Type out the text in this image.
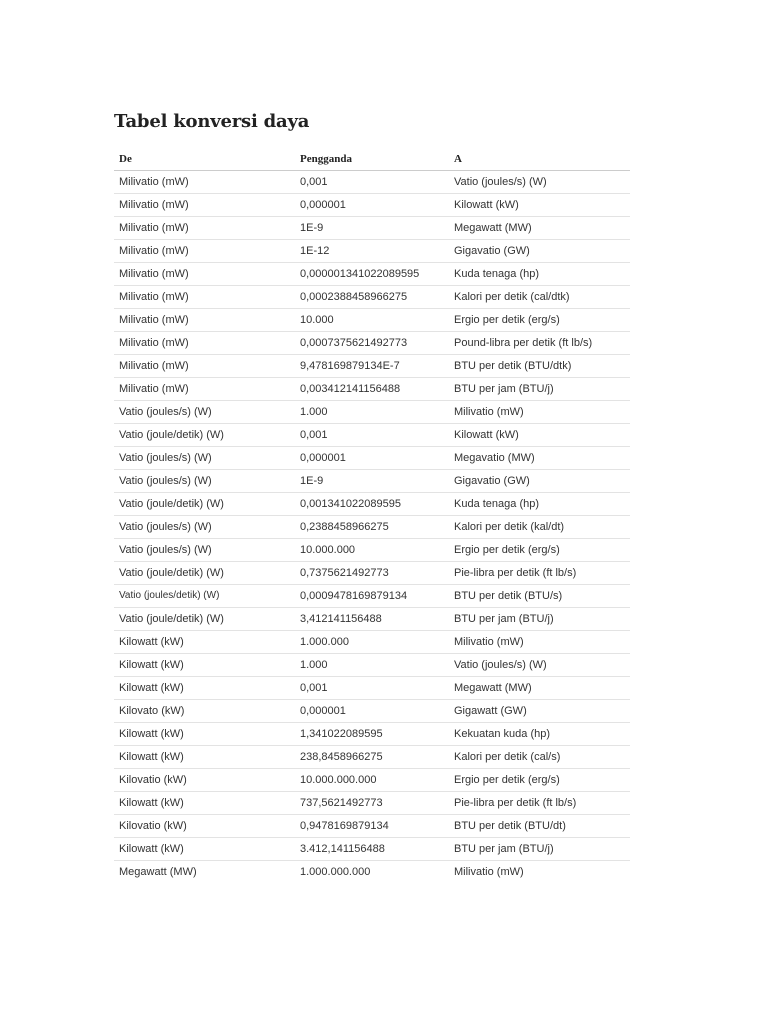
Tabel konversi daya
De	Pengganda	A
Milivatio (mW)	0,001	Vatio (joules/s) (W)
Milivatio (mW)	0,000001	Kilowatt (kW)
Milivatio (mW)	1E-9	Megawatt (MW)
Milivatio (mW)	1E-12	Gigavatio (GW)
Milivatio (mW)	0,000001341022089595	Kuda tenaga (hp)
Milivatio (mW)	0,0002388458966275	Kalori per detik (cal/dtk)
Milivatio (mW)	10.000	Ergio per detik (erg/s)
Milivatio (mW)	0,0007375621492773	Pound-libra per detik (ft lb/s)
Milivatio (mW)	9,478169879134E-7	BTU per detik (BTU/dtk)
Milivatio (mW)	0,003412141156488	BTU per jam (BTU/j)
Vatio (joules/s) (W)	1.000	Milivatio (mW)
Vatio (joule/detik) (W)	0,001	Kilowatt (kW)
Vatio (joules/s) (W)	0,000001	Megavatio (MW)
Vatio (joules/s) (W)	1E-9	Gigavatio (GW)
Vatio (joule/detik) (W)	0,001341022089595	Kuda tenaga (hp)
Vatio (joules/s) (W)	0,2388458966275	Kalori per detik (kal/dt)
Vatio (joules/s) (W)	10.000.000	Ergio per detik (erg/s)
Vatio (joule/detik) (W)	0,7375621492773	Pie-libra per detik (ft lb/s)
Vatio (joules/detik) (W)	0,0009478169879134	BTU per detik (BTU/s)
Vatio (joule/detik) (W)	3,412141156488	BTU per jam (BTU/j)
Kilowatt (kW)	1.000.000	Milivatio (mW)
Kilowatt (kW)	1.000	Vatio (joules/s) (W)
Kilowatt (kW)	0,001	Megawatt (MW)
Kilovato (kW)	0,000001	Gigawatt (GW)
Kilowatt (kW)	1,341022089595	Kekuatan kuda (hp)
Kilowatt (kW)	238,8458966275	Kalori per detik (cal/s)
Kilovatio (kW)	10.000.000.000	Ergio per detik (erg/s)
Kilowatt (kW)	737,5621492773	Pie-libra per detik (ft lb/s)
Kilovatio (kW)	0,9478169879134	BTU per detik (BTU/dt)
Kilowatt (kW)	3.412,141156488	BTU per jam (BTU/j)
Megawatt (MW)	1.000.000.000	Milivatio (mW)
